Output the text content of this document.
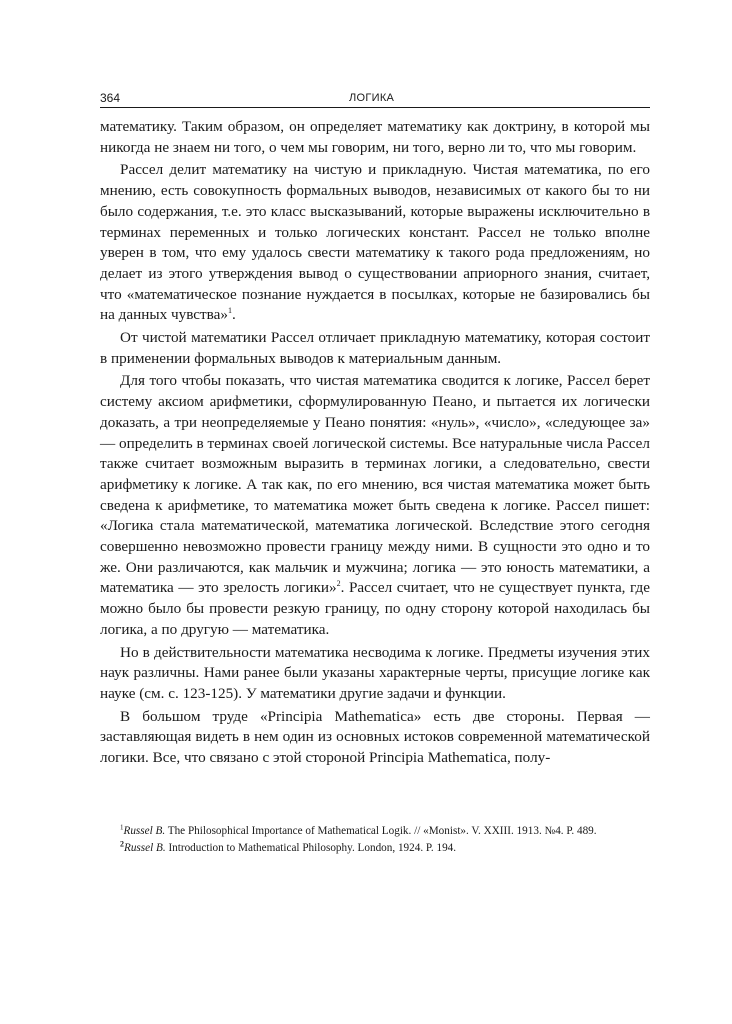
364	ЛОГИКА

математику. Таким образом, он определяет математику как доктрину, в которой мы никогда не знаем ни того, о чем мы говорим, ни того, верно ли то, что мы говорим.

Рассел делит математику на чистую и прикладную. Чистая математика, по его мнению, есть совокупность формальных выводов, независимых от какого бы то ни было содержания, т.е. это класс высказываний, которые выражены исключительно в терминах переменных и только логических констант. Рассел не только вполне уверен в том, что ему удалось свести математику к такого рода предложениям, но делает из этого утверждения вывод о существовании априорного знания, считает, что «математическое познание нуждается в посылках, которые не базировались бы на данных чувства»$^1$.

От чистой математики Рассел отличает прикладную математику, которая состоит в применении формальных выводов к материальным данным.

Для того чтобы показать, что чистая математика сводится к логике, Рассел берет систему аксиом арифметики, сформулированную Пеано, и пытается их логически доказать, а три неопределяемые у Пеано понятия: «нуль», «число», «следующее за» — определить в терминах своей логической системы. Все натуральные числа Рассел также считает возможным выразить в терминах логики, а следовательно, свести арифметику к логике. А так как, по его мнению, вся чистая математика может быть сведена к арифметике, то математика может быть сведена к логике. Рассел пишет: «Логика стала математической, математика логической. Вследствие этого сегодня совершенно невозможно провести границу между ними. В сущности это одно и то же. Они различаются, как мальчик и мужчина; логика — это юность математики, а математика — это зрелость логики»$^2$. Рассел считает, что не существует пункта, где можно было бы провести резкую границу, по одну сторону которой находилась бы логика, а по другую — математика.

Но в действительности математика несводима к логике. Предметы изучения этих наук различны. Нами ранее были указаны характерные черты, присущие логике как науке (см. с. 123-125). У математики другие задачи и функции.

В большом труде «Principia Mathematica» есть две стороны. Первая — заставляющая видеть в нем один из основных истоков современной математической логики. Все, что связано с этой стороной Principia Mathematica, полу-

$^1$Russel B. The Philosophical Importance of Mathematical Logik. // «Monist». V. XXIII. 1913. №4. P. 489.

$^2$Russel B. Introduction to Mathematical Philosophy. London, 1924. P. 194.
